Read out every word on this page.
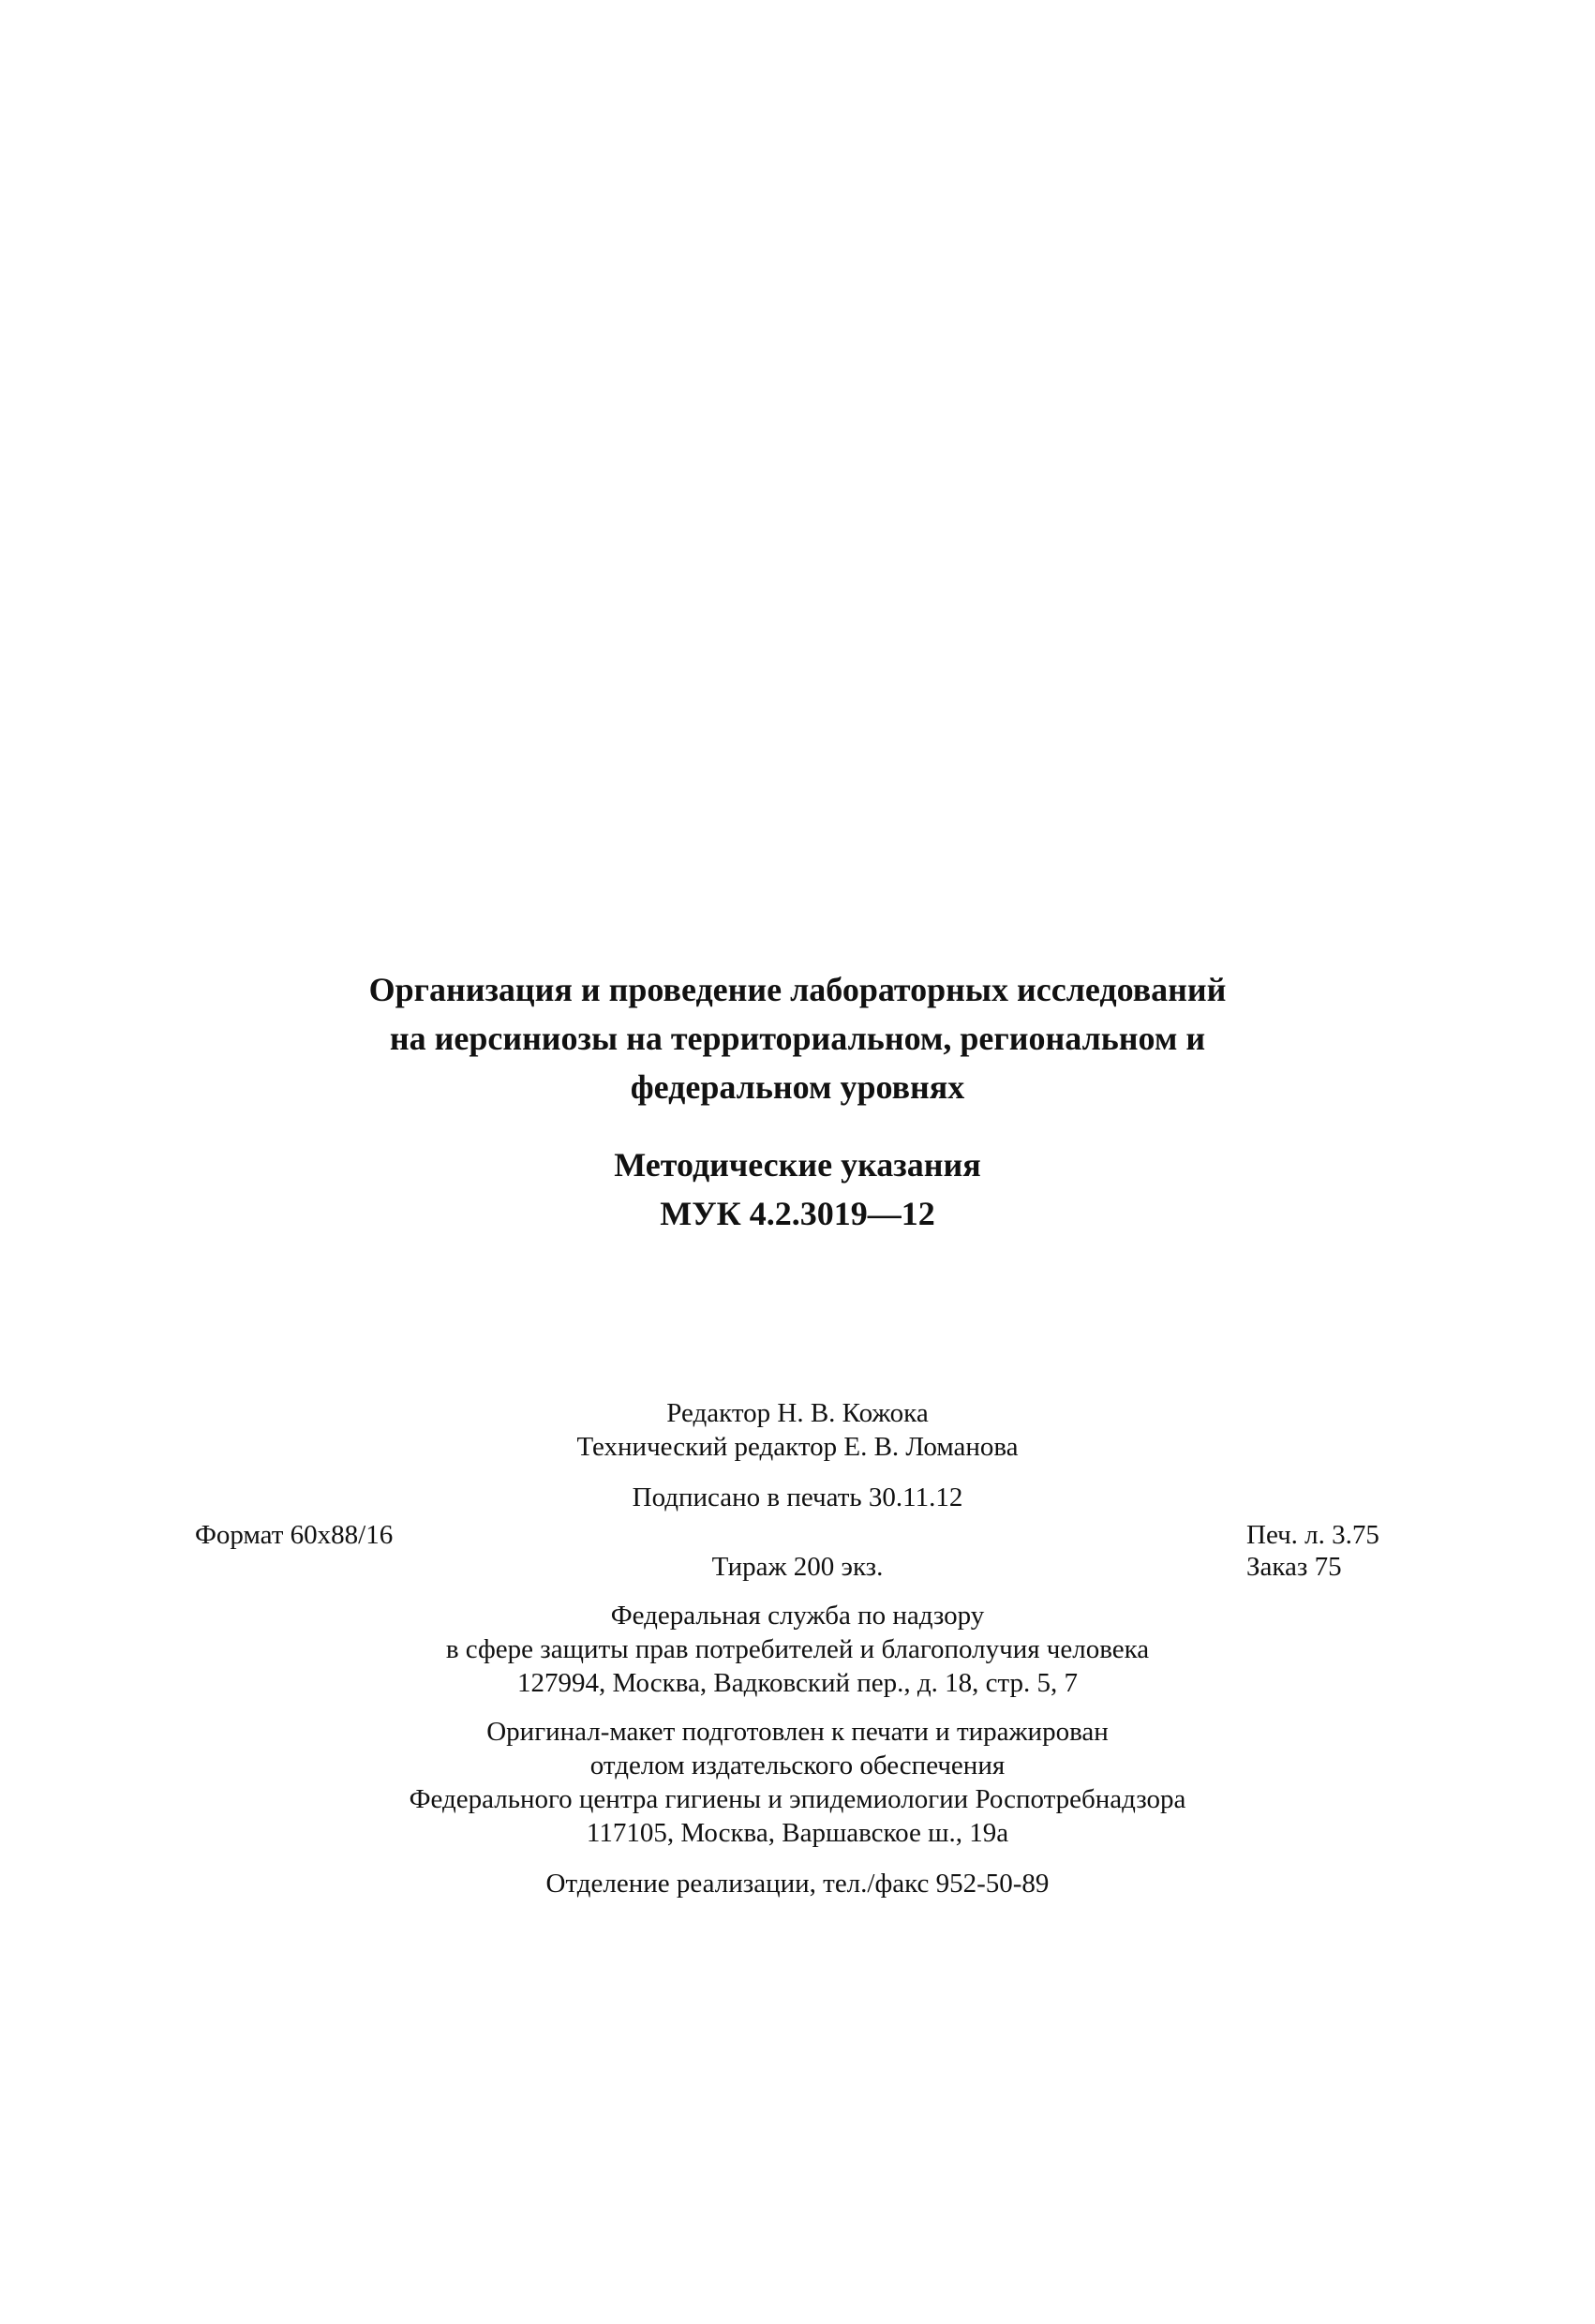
Организация и проведение лабораторных исследований
на иерсиниозы на территориальном, региональном и
федеральном уровнях
Методические указания
МУК 4.2.3019—12
Редактор Н. В. Кожока
Технический редактор Е. В. Ломанова
Подписано в печать 30.11.12
Формат 60x88/16	Печ. л. 3.75
Тираж 200 экз.	Заказ 75
Федеральная служба по надзору
в сфере защиты прав потребителей и благополучия человека
127994, Москва, Вадковский пер., д. 18, стр. 5, 7
Оригинал-макет подготовлен к печати и тиражирован
отделом издательского обеспечения
Федерального центра гигиены и эпидемиологии Роспотребнадзора
117105, Москва, Варшавское ш., 19а
Отделение реализации, тел./факс 952-50-89
